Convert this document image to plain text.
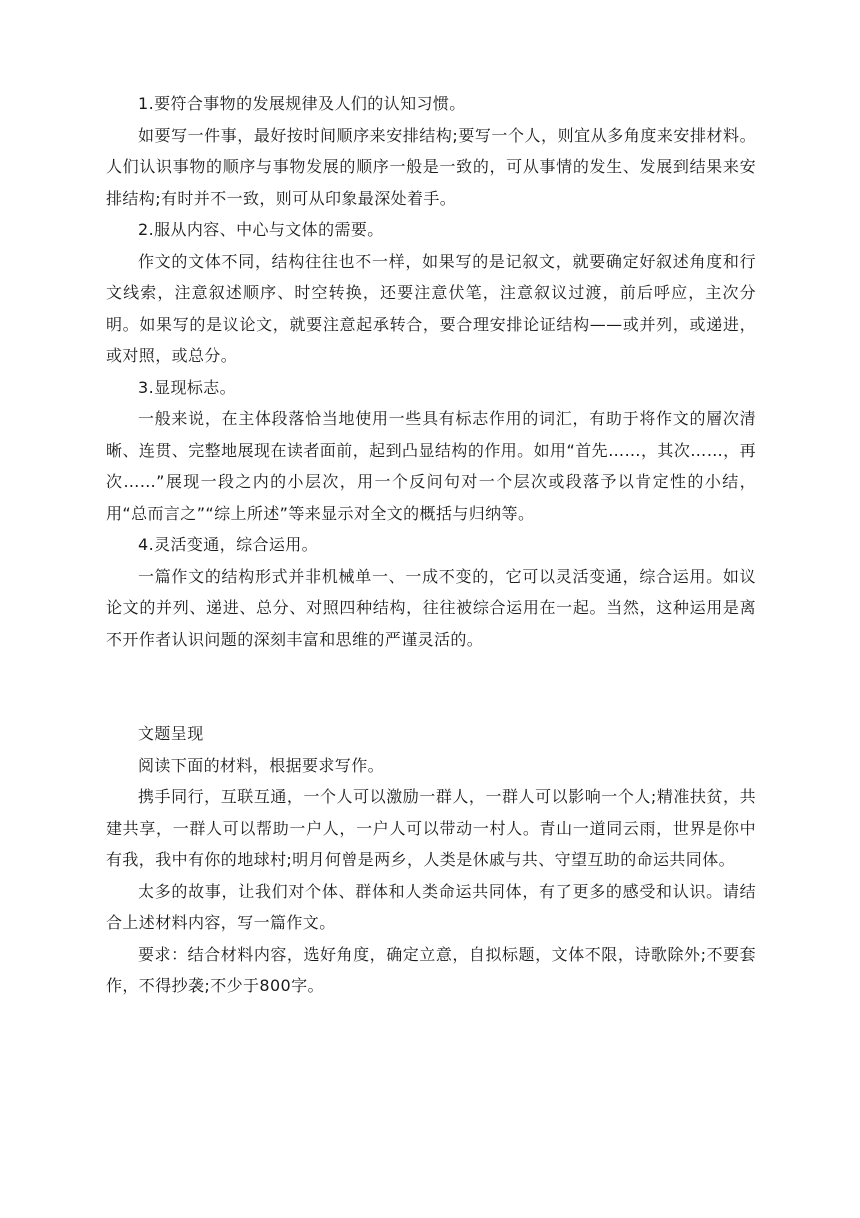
1.要符合事物的发展规律及人们的认知习惯。

如要写一件事，最好按时间顺序来安排结构;要写一个人，则宜从多角度来安排材料。人们认识事物的顺序与事物发展的顺序一般是一致的，可从事情的发生、发展到结果来安排结构;有时并不一致，则可从印象最深处着手。

2.服从内容、中心与文体的需要。

作文的文体不同，结构往往也不一样，如果写的是记叙文，就要确定好叙述角度和行文线索，注意叙述顺序、时空转换，还要注意伏笔，注意叙议过渡，前后呼应，主次分明。如果写的是议论文，就要注意起承转合，要合理安排论证结构——或并列，或递进，或对照，或总分。

3.显现标志。

一般来说，在主体段落恰当地使用一些具有标志作用的词汇，有助于将作文的層次清晰、连贯、完整地展现在读者面前，起到凸显结构的作用。如用“首先……，其次……，再次……”展现一段之内的小层次，用一个反问句对一个层次或段落予以肯定性的小结，用“总而言之”“综上所述”等来显示对全文的概括与归纳等。

4.灵活变通，综合运用。

一篇作文的结构形式并非机械单一、一成不变的，它可以灵活变通，综合运用。如议论文的并列、递进、总分、对照四种结构，往往被综合运用在一起。当然，这种运用是离不开作者认识问题的深刻丰富和思维的严谨灵活的。

文题呈现

阅读下面的材料，根据要求写作。

携手同行，互联互通，一个人可以激励一群人，一群人可以影响一个人;精准扶贫，共建共享，一群人可以帮助一户人，一户人可以带动一村人。青山一道同云雨，世界是你中有我，我中有你的地球村;明月何曾是两乡，人类是休戚与共、守望互助的命运共同体。

太多的故事，让我们对个体、群体和人类命运共同体，有了更多的感受和认识。请结合上述材料内容，写一篇作文。

要求：结合材料内容，选好角度，确定立意，自拟标题，文体不限，诗歌除外;不要套作，不得抄袭;不少于800字。
